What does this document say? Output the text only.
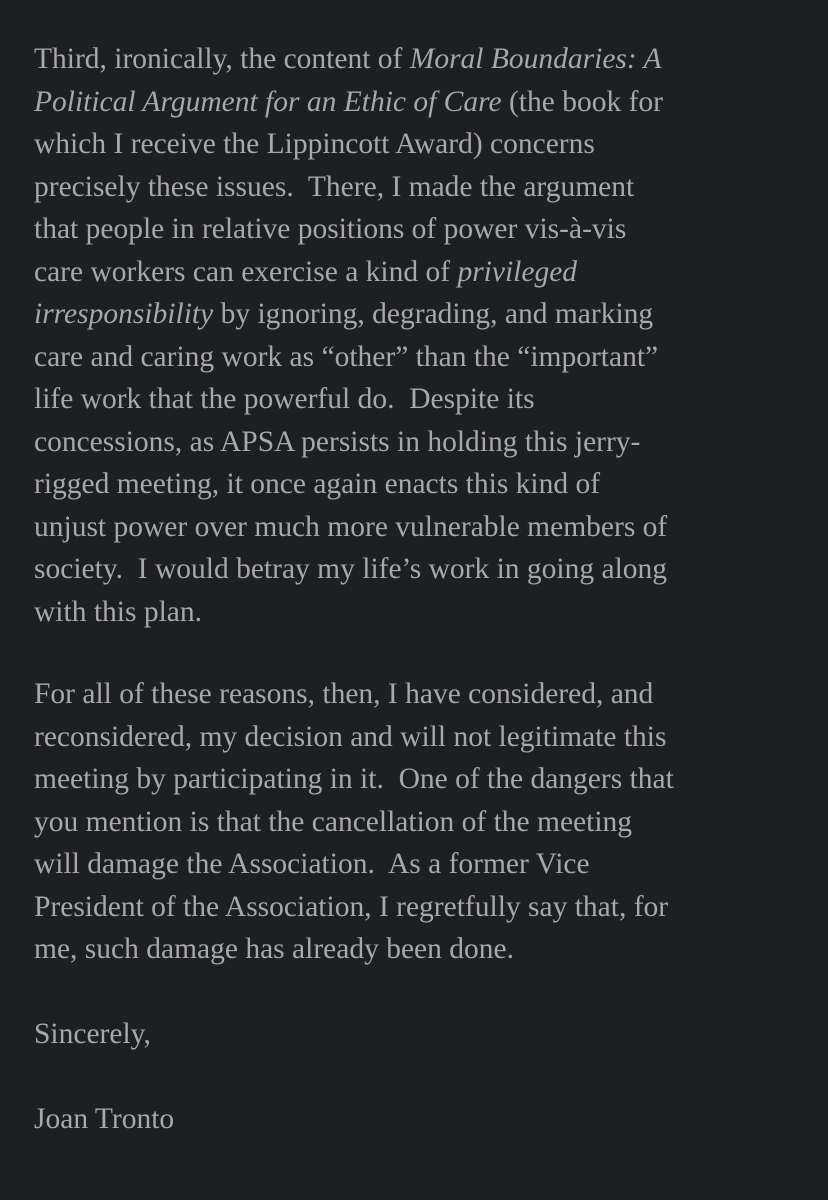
Third, ironically, the content of Moral Boundaries: A
Political Argument for an Ethic of Care (the book for
which I receive the Lippincott Award) concerns
precisely these issues.  There, I made the argument
that people in relative positions of power vis-à-vis
care workers can exercise a kind of privileged
irresponsibility by ignoring, degrading, and marking
care and caring work as “other” than the “important”
life work that the powerful do.  Despite its
concessions, as APSA persists in holding this jerry-
rigged meeting, it once again enacts this kind of
unjust power over much more vulnerable members of
society.  I would betray my life’s work in going along
with this plan.
For all of these reasons, then, I have considered, and
reconsidered, my decision and will not legitimate this
meeting by participating in it.  One of the dangers that
you mention is that the cancellation of the meeting
will damage the Association.  As a former Vice
President of the Association, I regretfully say that, for
me, such damage has already been done.
Sincerely,
Joan Tronto
